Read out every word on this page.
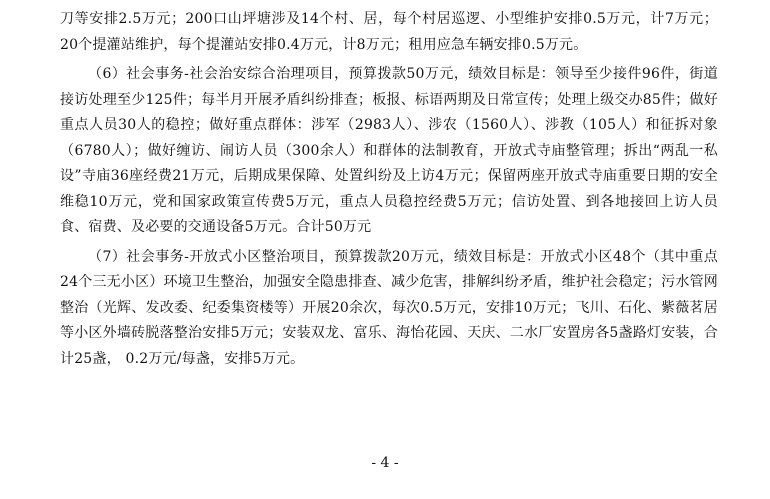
刀等安排2.5万元；200口山坪塘涉及14个村、居，每个村居巡逻、小型维护安排0.5万元，计7万元；20个提灌站维护，每个提灌站安排0.4万元，计8万元；租用应急车辆安排0.5万元。

（6）社会事务-社会治安综合治理项目，预算拨款50万元，绩效目标是：领导至少接件96件，街道接访处理至少125件；每半月开展矛盾纠纷排查；板报、标语两期及日常宣传；处理上级交办85件；做好重点人员30人的稳控；做好重点群体：涉军（2983人）、涉农（1560人）、涉教（105人）和征拆对象（6780人）；做好缠访、闹访人员（300余人）和群体的法制教育，开放式寺庙整管理；拆出“两乱一私设”寺庙36座经费21万元，后期成果保障、处置纠纷及上访4万元；保留两座开放式寺庙重要日期的安全维稳10万元，党和国家政策宣传费5万元，重点人员稳控经费5万元；信访处置、到各地接回上访人员食、宿费、及必要的交通设备5万元。合计50万元

（7）社会事务-开放式小区整治项目，预算拨款20万元，绩效目标是：开放式小区48个（其中重点24个三无小区）环境卫生整治，加强安全隐患排查、减少危害，排解纠纷矛盾，维护社会稳定；污水管网整治（光辉、发改委、纪委集资楼等）开展20余次，每次0.5万元，安排10万元；飞川、石化、紫薇茗居等小区外墙砖脱落整治安排5万元；安装双龙、富乐、海怡花园、天庆、二水厂安置房各5盏路灯安装，合计25盏， 0.2万元/每盏，安排5万元。

- 4 -
